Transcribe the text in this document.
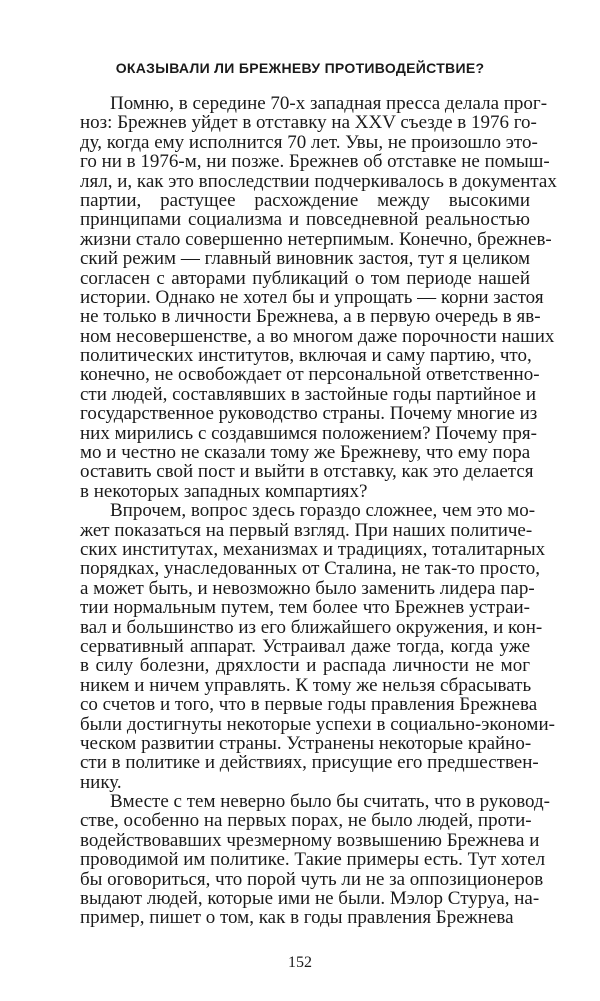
ОКАЗЫВАЛИ ЛИ БРЕЖНЕВУ ПРОТИВОДЕЙСТВИЕ?
Помню, в середине 70-х западная пресса делала прог-
ноз: Брежнев уйдет в отставку на XXV съезде в 1976 го-
ду, когда ему исполнится 70 лет. Увы, не произошло это-
го ни в 1976-м, ни позже. Брежнев об отставке не помыш-
лял, и, как это впоследствии подчеркивалось в документах
партии, растущее расхождение между высокими
принципами социализма и повседневной реальностью
жизни стало совершенно нетерпимым. Конечно, брежнев-
ский режим — главный виновник застоя, тут я целиком
согласен с авторами публикаций о том периоде нашей
истории. Однако не хотел бы и упрощать — корни застоя
не только в личности Брежнева, а в первую очередь в яв-
ном несовершенстве, а во многом даже порочности наших
политических институтов, включая и саму партию, что,
конечно, не освобождает от персональной ответственно-
сти людей, составлявших в застойные годы партийное и
государственное руководство страны. Почему многие из
них мирились с создавшимся положением? Почему пря-
мо и честно не сказали тому же Брежневу, что ему пора
оставить свой пост и выйти в отставку, как это делается
в некоторых западных компартиях?
Впрочем, вопрос здесь гораздо сложнее, чем это мо-
жет показаться на первый взгляд. При наших политиче-
ских институтах, механизмах и традициях, тоталитарных
порядках, унаследованных от Сталина, не так-то просто,
а может быть, и невозможно было заменить лидера пар-
тии нормальным путем, тем более что Брежнев устраи-
вал и большинство из его ближайшего окружения, и кон-
сервативный аппарат. Устраивал даже тогда, когда уже
в силу болезни, дряхлости и распада личности не мог
никем и ничем управлять. К тому же нельзя сбрасывать
со счетов и того, что в первые годы правления Брежнева
были достигнуты некоторые успехи в социально-экономи-
ческом развитии страны. Устранены некоторые крайно-
сти в политике и действиях, присущие его предшествен-
нику.
Вместе с тем неверно было бы считать, что в руковод-
стве, особенно на первых порах, не было людей, проти-
водействовавших чрезмерному возвышению Брежнева и
проводимой им политике. Такие примеры есть. Тут хотел
бы оговориться, что порой чуть ли не за оппозиционеров
выдают людей, которые ими не были. Мэлор Стуруа, на-
пример, пишет о том, как в годы правления Брежнева
152
